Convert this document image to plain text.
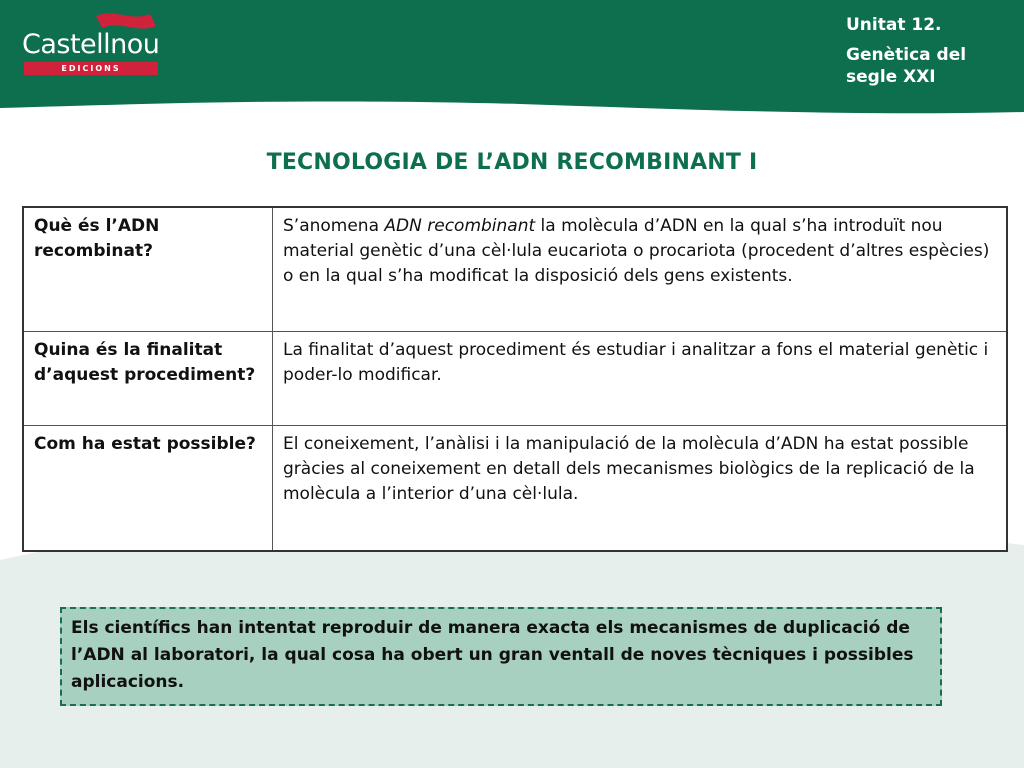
Castellnou
EDICIONS
Unitat 12.
Genètica del segle XXI
TECNOLOGIA DE L’ADN RECOMBINANT I
Què és l’ADN recombinat?	S’anomena ADN recombinant la molècula d’ADN en la qual s’ha introduït nou material genètic d’una cèl·lula eucariota o procariota (procedent d’altres espècies) o en la qual s’ha modificat la disposició dels gens existents.
Quina és la finalitat d’aquest procediment?	La finalitat d’aquest procediment és estudiar i analitzar a fons el material genètic i poder-lo modificar.
Com ha estat possible?	El coneixement, l’anàlisi i la manipulació de la molècula d’ADN ha estat possible gràcies al coneixement en detall dels mecanismes biològics de la replicació de la molècula a l’interior d’una cèl·lula.
Els científics han intentat reproduir de manera exacta els mecanismes de duplicació de l’ADN al laboratori, la qual cosa ha obert un gran ventall de noves tècniques i possibles aplicacions.
